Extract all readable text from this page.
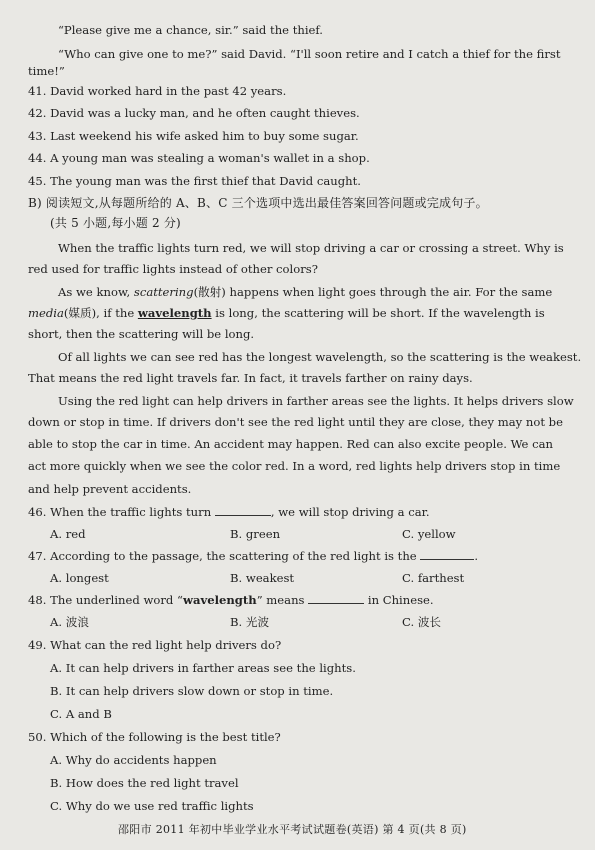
“Please give me a chance, sir.” said the thief.
“Who can give one to me?” said David. “I'll soon retire and I catch a thief for the first
time!”
41. David worked hard in the past 42 years.
42. David was a lucky man, and he often caught thieves.
43. Last weekend his wife asked him to buy some sugar.
44. A young man was stealing a woman's wallet in a shop.
45. The young man was the first thief that David caught.
B) 阅读短文,从每题所给的 A、B、C 三个选项中选出最佳答案回答问题或完成句子。
(共 5 小题,每小题 2 分)
When the traffic lights turn red, we will stop driving a car or crossing a street. Why is
red used for traffic lights instead of other colors?
As we know, scattering(散射) happens when light goes through the air. For the same
media(媒质), if the wavelength is long, the scattering will be short. If the wavelength is
short, then the scattering will be long.
Of all lights we can see red has the longest wavelength, so the scattering is the weakest.
That means the red light travels far. In fact, it travels farther on rainy days.
Using the red light can help drivers in farther areas see the lights. It helps drivers slow
down or stop in time. If drivers don't see the red light until they are close, they may not be
able to stop the car in time. An accident may happen. Red can also excite people. We can
act more quickly when we see the color red. In a word, red lights help drivers stop in time
and help prevent accidents.
46. When the traffic lights turn	, we will stop driving a car.
A. red	B. green	C. yellow
47. According to the passage, the scattering of the red light is the	.
A. longest	B. weakest	C. farthest
48. The underlined word “wavelength” means	in Chinese.
A. 波浪	B. 光波	C. 波长
49. What can the red light help drivers do?
A. It can help drivers in farther areas see the lights.
B. It can help drivers slow down or stop in time.
C. A and B
50. Which of the following is the best title?
A. Why do accidents happen
B. How does the red light travel
C. Why do we use red traffic lights
邵阳市 2011 年初中毕业学业水平考试试题卷(英语) 第 4 页(共 8 页)
